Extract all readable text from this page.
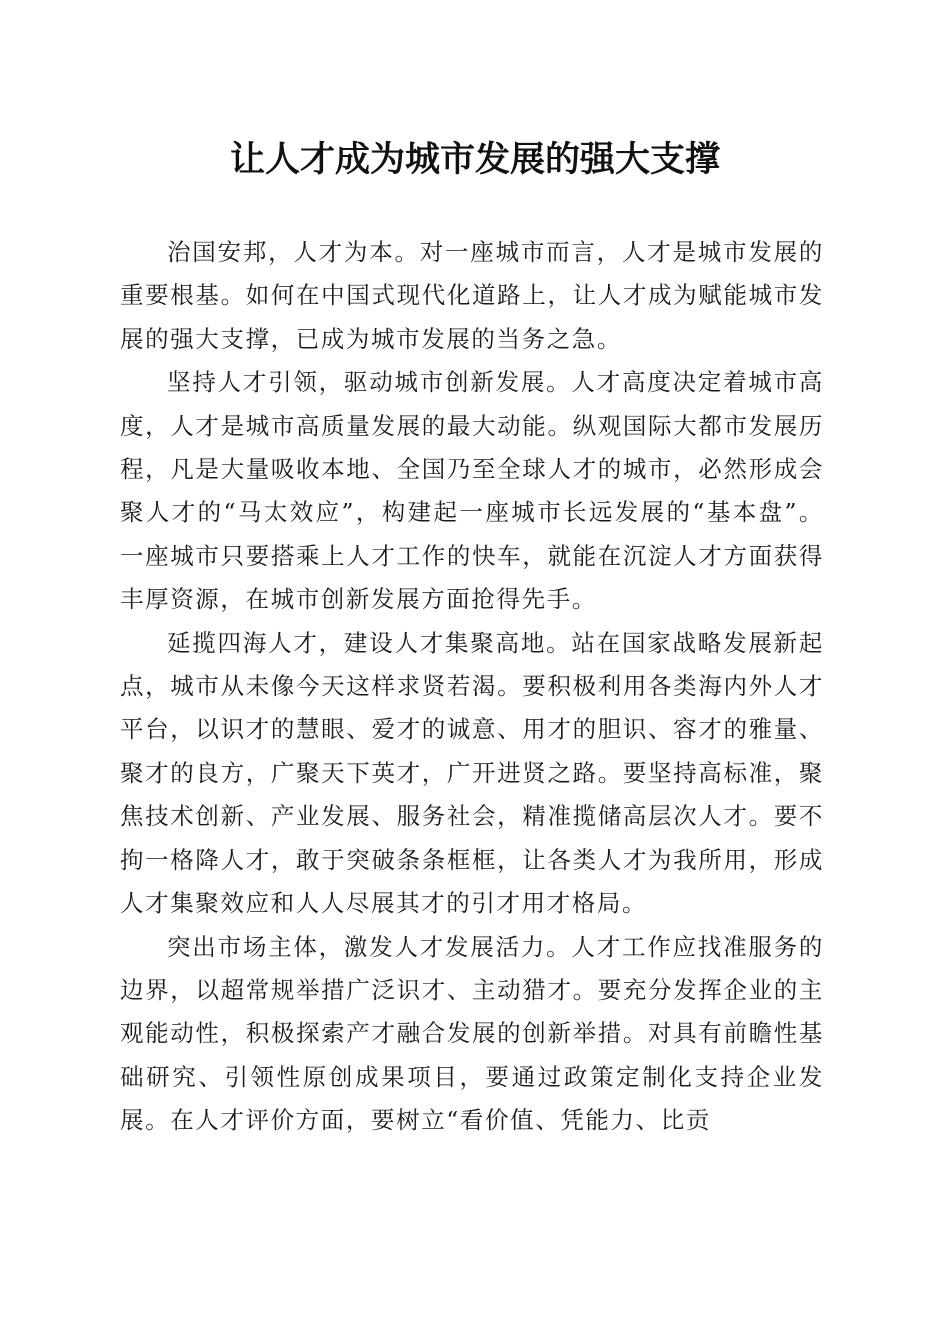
让人才成为城市发展的强大支撑

治国安邦，人才为本。对一座城市而言，人才是城市发展的重要根基。如何在中国式现代化道路上，让人才成为赋能城市发展的强大支撑，已成为城市发展的当务之急。

坚持人才引领，驱动城市创新发展。人才高度决定着城市高度，人才是城市高质量发展的最大动能。纵观国际大都市发展历程，凡是大量吸收本地、全国乃至全球人才的城市，必然形成会聚人才的“马太效应”，构建起一座城市长远发展的“基本盘”。一座城市只要搭乘上人才工作的快车，就能在沉淀人才方面获得丰厚资源，在城市创新发展方面抢得先手。

延揽四海人才，建设人才集聚高地。站在国家战略发展新起点，城市从未像今天这样求贤若渴。要积极利用各类海内外人才平台，以识才的慧眼、爱才的诚意、用才的胆识、容才的雅量、聚才的良方，广聚天下英才，广开进贤之路。要坚持高标准，聚焦技术创新、产业发展、服务社会，精准揽储高层次人才。要不拘一格降人才，敢于突破条条框框，让各类人才为我所用，形成人才集聚效应和人人尽展其才的引才用才格局。

突出市场主体，激发人才发展活力。人才工作应找准服务的边界，以超常规举措广泛识才、主动猎才。要充分发挥企业的主观能动性，积极探索产才融合发展的创新举措。对具有前瞻性基础研究、引领性原创成果项目，要通过政策定制化支持企业发展。在人才评价方面，要树立“看价值、凭能力、比贡
